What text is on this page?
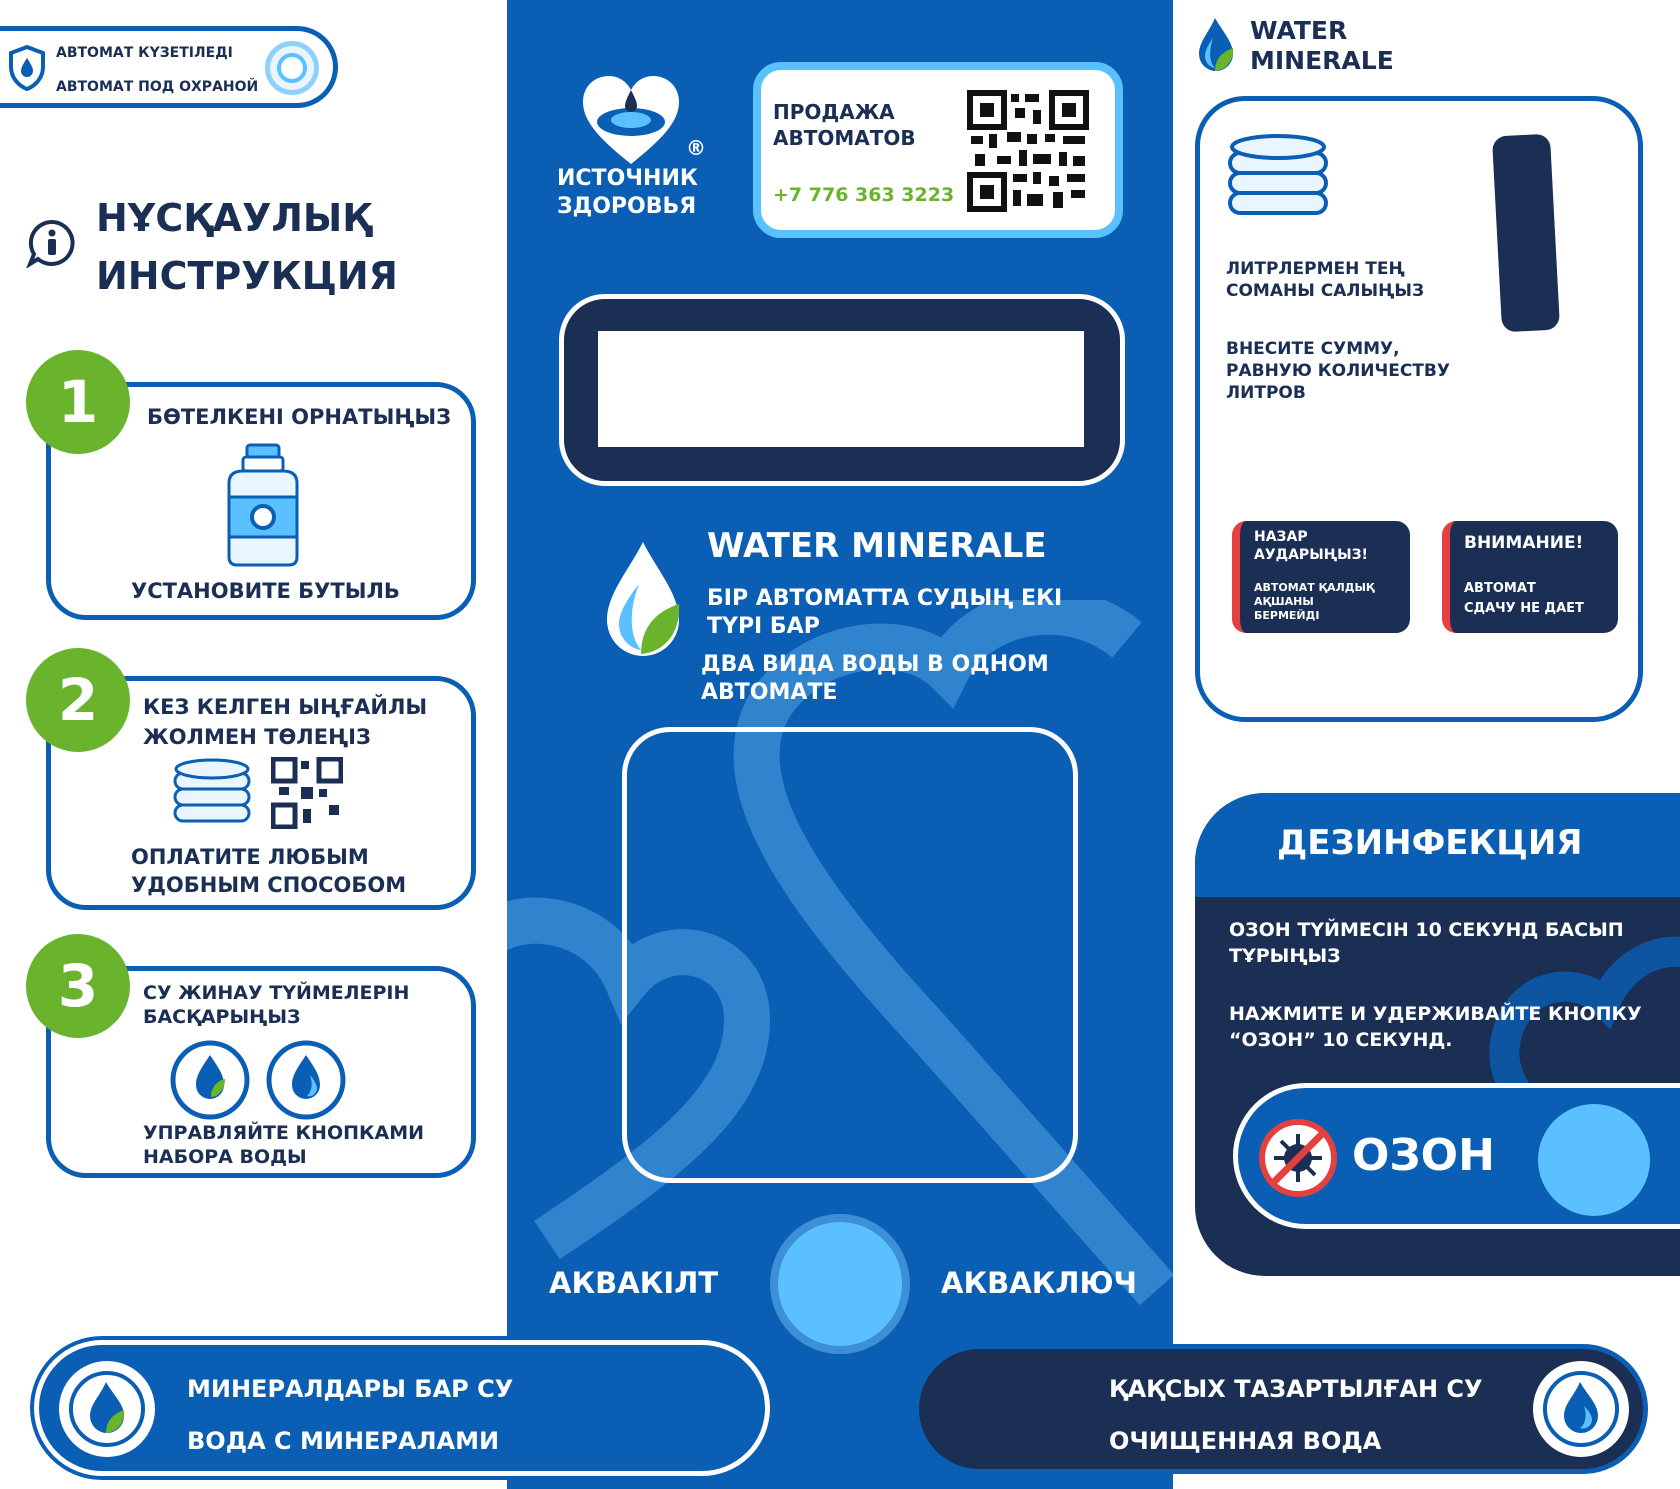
АВТОМАТ КҮЗЕТІЛЕДІ
АВТОМАТ ПОД ОХРАНОЙ
НҰСҚАУЛЫҚ
ИНСТРУКЦИЯ
БӨТЕЛКЕНІ ОРНАТЫҢЫЗ
УСТАНОВИТЕ БУТЫЛЬ
1
КЕЗ КЕЛГЕН ЫҢҒАЙЛЫ
ЖОЛМЕН ТӨЛЕҢІЗ
ОПЛАТИТЕ ЛЮБЫМ
УДОБНЫМ СПОСОБОМ
2
СУ ЖИНАУ ТҮЙМЕЛЕРІН
БАСҚАРЫҢЫЗ
УПРАВЛЯЙТЕ КНОПКАМИ
НАБОРА ВОДЫ
3
®
ИСТОЧНИК
ЗДОРОВЬЯ
ПРОДАЖА
АВТОМАТОВ
+7 776 363 3223
WATER MINERALE
БІР АВТОМАТТА СУДЫҢ ЕКІ
ТҮРІ БАР
ДВА ВИДА ВОДЫ В ОДНОМ
АВТОМАТЕ
АКВАКІЛТ	АКВАКЛЮЧ
WATER
MINERALE
ЛИТРЛЕРМЕН ТЕҢ
СОМАНЫ САЛЫҢЫЗ
ВНЕСИТЕ СУММУ,
РАВНУЮ КОЛИЧЕСТВУ
ЛИТРОВ
НАЗАР
АУДАРЫҢЫЗ!
АВТОМАТ ҚАЛДЫҚ
АҚШАНЫ
БЕРМЕЙДІ
ВНИМАНИЕ!
АВТОМАТ
СДАЧУ НЕ ДАЕТ
ДЕЗИНФЕКЦИЯ
ОЗОН ТҮЙМЕСІН 10 СЕКУНД БАСЫП
ТҰРЫҢЫЗ
НАЖМИТЕ И УДЕРЖИВАЙТЕ КНОПКУ
“ОЗОН” 10 СЕКУНД.
ОЗОН
МИНЕРАЛДАРЫ БАР СУ
ВОДА С МИНЕРАЛАМИ
ҚАҚСЫХ ТАЗАРТЫЛҒАН СУ
ОЧИЩЕННАЯ ВОДА
